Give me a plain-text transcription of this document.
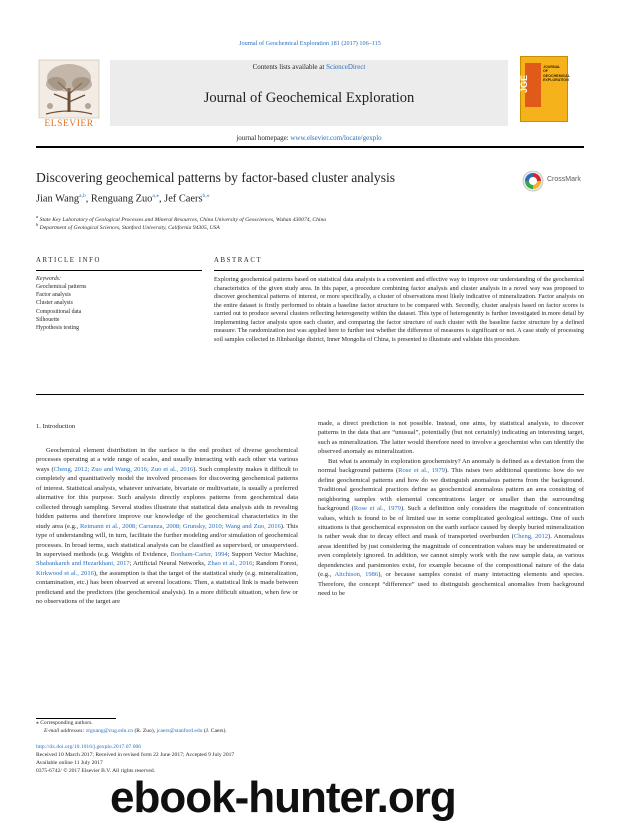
Journal of Geochemical Exploration 181 (2017) 106–115
ELSEVIER
Contents lists available at ScienceDirect
Journal of Geochemical Exploration
journal homepage: www.elsevier.com/locate/gexplo
JGE
JOURNAL OF
GEOCHEMICAL
EXPLORATION
Discovering geochemical patterns by factor-based cluster analysis	CrossMark
Jian Wang$^{a,b}$, Renguang Zuo$^{a,⁎}$, Jef Caers$^{b,⁎}$
$^a$ State Key Laboratory of Geological Processes and Mineral Resources, China University of Geosciences, Wuhan 430074, China
$^b$ Department of Geological Sciences, Stanford University, California 94305, USA
ARTICLE INFO	ABSTRACT
Keywords:
Geochemical patterns
Factor analysis
Cluster analysis
Compositional data
Silhouette
Hypothesis testing
Exploring geochemical patterns based on statistical data analysis is a convenient and effective way to improve our understanding of the geochemical characteristics of the given study area. In this paper, a procedure combining factor analysis and cluster analysis in a novel way was proposed to discover geochemical patterns of interest, or more specifically, a cluster of observations most likely indicative of mineralization. Factor analysis on the entire dataset is firstly performed to obtain a baseline factor structure to be compared with. Secondly, cluster analysis based on factor scores is carried out to produce several clusters reflecting heterogeneity within the dataset. This type of heterogeneity is further investigated in more detail by implementing factor analysis upon each cluster, and comparing the factor structure of each cluster with the baseline factor structure by a defined measure. The randomization test was applied here to further test whether the difference of measures is significant or not. A case study of processing soil samples collected in Jilinbaolige district, Inner Mongolia of China, is presented to illustrate and validate this procedure.
1. Introduction

Geochemical element distribution in the surface is the end product of diverse geochemical processes operating at a wide range of scales, and usually interacting with each other via various ways (Cheng, 2012; Zuo and Wang, 2016; Zuo et al., 2016). Such complexity makes it difficult to completely and quantitatively model the involved processes for discovering geochemical patterns of interest. Statistical analysis, whatever univariate, bivariate or multivariate, is usually a preferred alternative for this purpose. Such analysis directly explores patterns from geochemical data collected through sampling. Several studies illustrate that statistical data analysis aids in revealing hidden patterns and therefore improve our knowledge of the geochemical characteristics in the study area (e.g., Reimann et al., 2008; Carranza, 2008; Grunsky, 2010; Wang and Zuo, 2016). This type of understanding will, in turn, facilitate the further modeling and/or simulation of geochemical processes. In broad terms, such statistical analysis can be classified as supervised, or unsupervised. In supervised methods (e.g. Weights of Evidence, Bonham-Carter, 1994; Support Vector Machine, Shabankareh and Hezarkhani, 2017; Artificial Neural Networks, Zhao et al., 2016; Random Forest, Kirkwood et al., 2016), the assumption is that the target of the statistical study (e.g. mineralization, contamination, etc.) has been observed at several locations. Then, a statistical link is made between predictand and the predictors (the geochemical analysis). In a more difficult situation, when few or no observations of the target are

made, a direct prediction is not possible. Instead, one aims, by statistical analysis, to discover patterns in the data that are “unusual”, potentially (but not certainly) indicating an interesting target, such as mineralization. The latter would therefore need to involve a geochemist who can identify the observed anomaly as mineralization.

But what is anomaly in exploration geochemistry? An anomaly is defined as a deviation from the normal background patterns (Rose et al., 1979). This raises two additional questions: how do we define geochemical patterns and how do we distinguish anomalous patterns from the background. Traditional geochemical practices define as geochemical anomalous pattern an area consisting of neighboring samples with elemental concentrations larger or smaller than the surrounding background (Rose et al., 1979). Such a definition only considers the magnitude of concentration values, which is found to be of limited use in some complicated geological settings. One of such situations is that geochemical expression on the earth surface caused by deeply buried mineralization is rather weak due to decay effect and mask of transported overburden (Cheng, 2012). Anomalous areas identified by just considering the magnitude of concentration values may be underestimated or even completely ignored. In addition, we cannot simply work with the raw sample data, as various dependencies and parsimonies exist, for example because of the compositional nature of the data (e.g., Aitchison, 1986), or because samples consist of many interacting elements and species. Therefore, the concept “difference” used to distinguish geochemical anomalies from background need to be

⁎ Corresponding authors.
E-mail addresses: zrguang@cug.edu.cn (R. Zuo), jcaers@stanford.edu (J. Caers).
http://dx.doi.org/10.1016/j.gexplo.2017.07.006
Received 10 March 2017; Received in revised form 22 June 2017; Accepted 9 July 2017
Available online 11 July 2017
0375-6742/ © 2017 Elsevier B.V. All rights reserved.
ebook-hunter.org
